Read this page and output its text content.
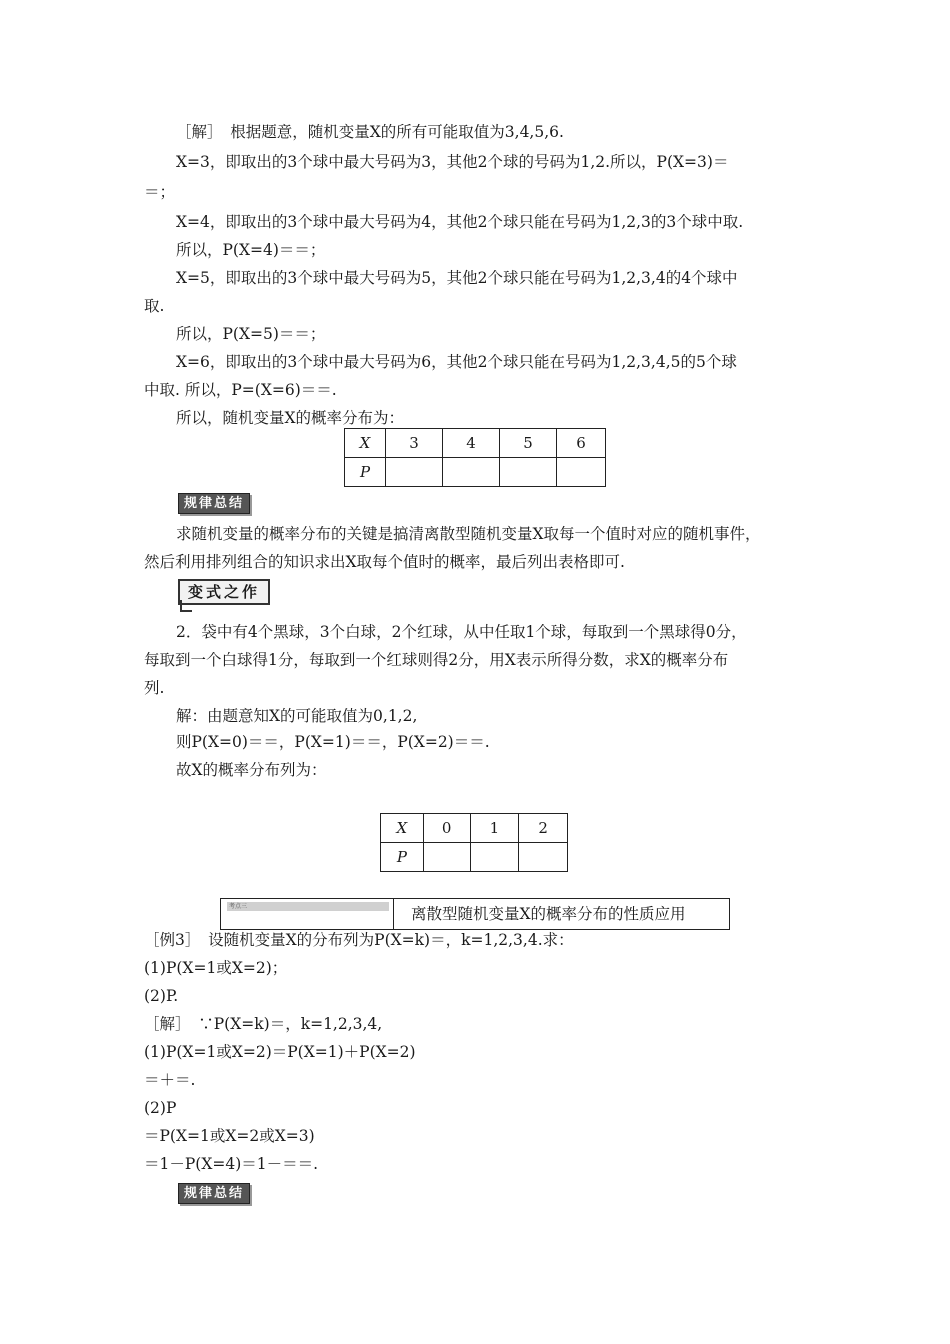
［解］　根据题意，随机变量X的所有可能取值为3,4,5,6.
X=3，即取出的3个球中最大号码为3，其他2个球的号码为1,2.所以，P(X=3)＝
＝；
X=4，即取出的3个球中最大号码为4，其他2个球只能在号码为1,2,3的3个球中取.
所以，P(X=4)＝＝；
X=5，即取出的3个球中最大号码为5，其他2个球只能在号码为1,2,3,4的4个球中
取.
所以，P(X=5)＝＝；
X=6，即取出的3个球中最大号码为6，其他2个球只能在号码为1,2,3,4,5的5个球
中取. 所以，P=(X=6)＝＝.
所以，随机变量X的概率分布为：
X	3	4	5	6
P				
规律总结
求随机变量的概率分布的关键是搞清离散型随机变量X取每一个值时对应的随机事件，
然后利用排列组合的知识求出X取每个值时的概率，最后列出表格即可.
变式之作
2．袋中有4个黑球，3个白球，2个红球，从中任取1个球，每取到一个黑球得0分，
每取到一个白球得1分，每取到一个红球则得2分，用X表示所得分数，求X的概率分布
列.
解：由题意知X的可能取值为0,1,2,
则P(X=0)＝＝，P(X=1)＝＝，P(X=2)＝＝.
故X的概率分布列为：
X	0	1	2
P			
考点三	离散型随机变量X的概率分布的性质应用
［例3］　设随机变量X的分布列为P(X=k)＝，k=1,2,3,4.求：
(1)P(X=1或X=2)；
(2)P.
［解］　∵P(X=k)＝，k=1,2,3,4,
(1)P(X=1或X=2)＝P(X=1)＋P(X=2)
＝＋＝.
(2)P
＝P(X=1或X=2或X=3)
＝1－P(X=4)＝1－＝＝.
规律总结
